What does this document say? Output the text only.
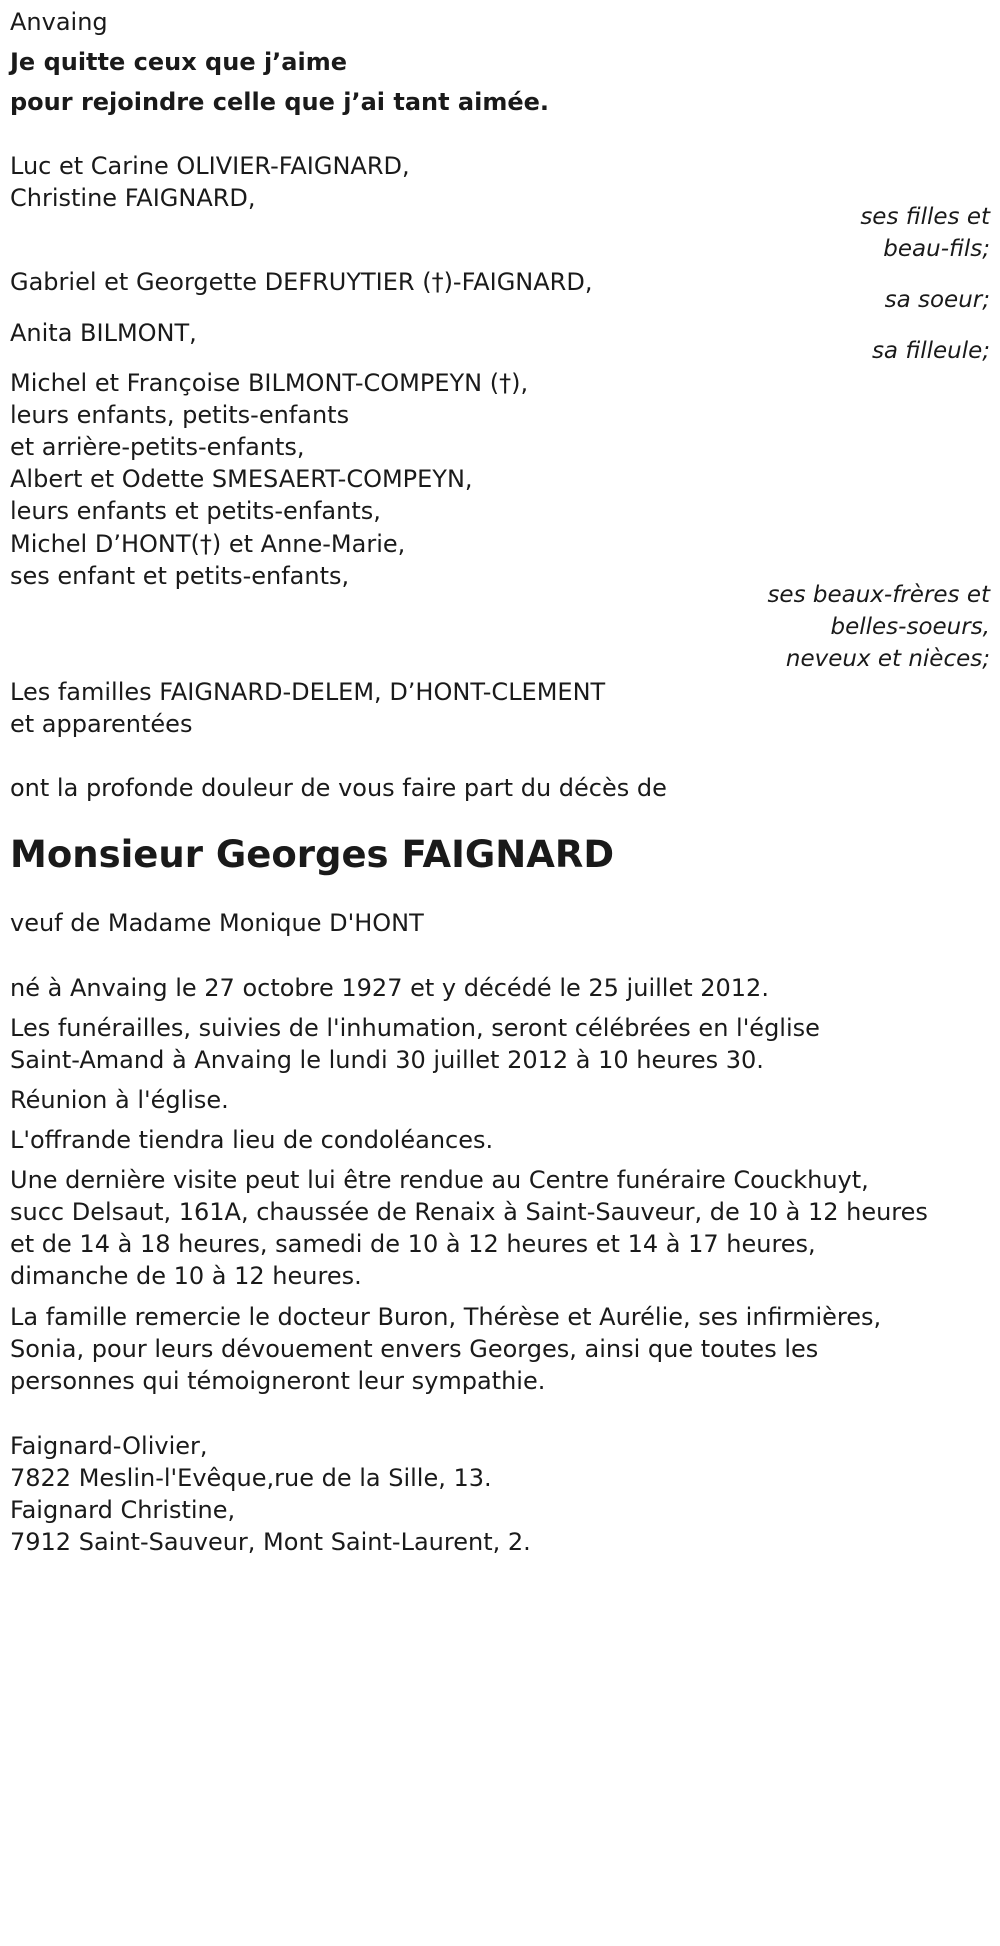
Anvaing
Je quitte ceux que j’aime
pour rejoindre celle que j’ai tant aimée.
Luc et Carine OLIVIER-FAIGNARD,
Christine FAIGNARD,
ses filles et
beau-fils;
Gabriel et Georgette DEFRUYTIER (†)-FAIGNARD,
sa soeur;
Anita BILMONT,
sa filleule;
Michel et Françoise BILMONT-COMPEYN (†),
leurs enfants, petits-enfants
et arrière-petits-enfants,
Albert et Odette SMESAERT-COMPEYN,
leurs enfants et petits-enfants,
Michel D’HONT(†) et Anne-Marie,
ses enfant et petits-enfants,
ses beaux-frères et
belles-soeurs,
neveux et nièces;
Les familles FAIGNARD-DELEM, D’HONT-CLEMENT
et apparentées
ont la profonde douleur de vous faire part du décès de
Monsieur Georges FAIGNARD
veuf de Madame Monique D'HONT
né à Anvaing le 27 octobre 1927 et y décédé le 25 juillet 2012.
Les funérailles, suivies de l'inhumation, seront célébrées en l'église
Saint-Amand à Anvaing le lundi 30 juillet 2012 à 10 heures 30.
Réunion à l'église.
L'offrande tiendra lieu de condoléances.
Une dernière visite peut lui être rendue au Centre funéraire Couckhuyt,
succ Delsaut, 161A, chaussée de Renaix à Saint-Sauveur, de 10 à 12 heures
et de 14 à 18 heures, samedi de 10 à 12 heures et 14 à 17 heures,
dimanche de 10 à 12 heures.
La famille remercie le docteur Buron, Thérèse et Aurélie, ses infirmières,
Sonia, pour leurs dévouement envers Georges, ainsi que toutes les
personnes qui témoigneront leur sympathie.
Faignard-Olivier,
7822 Meslin-l'Evêque,rue de la Sille, 13.
Faignard Christine,
7912 Saint-Sauveur, Mont Saint-Laurent, 2.
